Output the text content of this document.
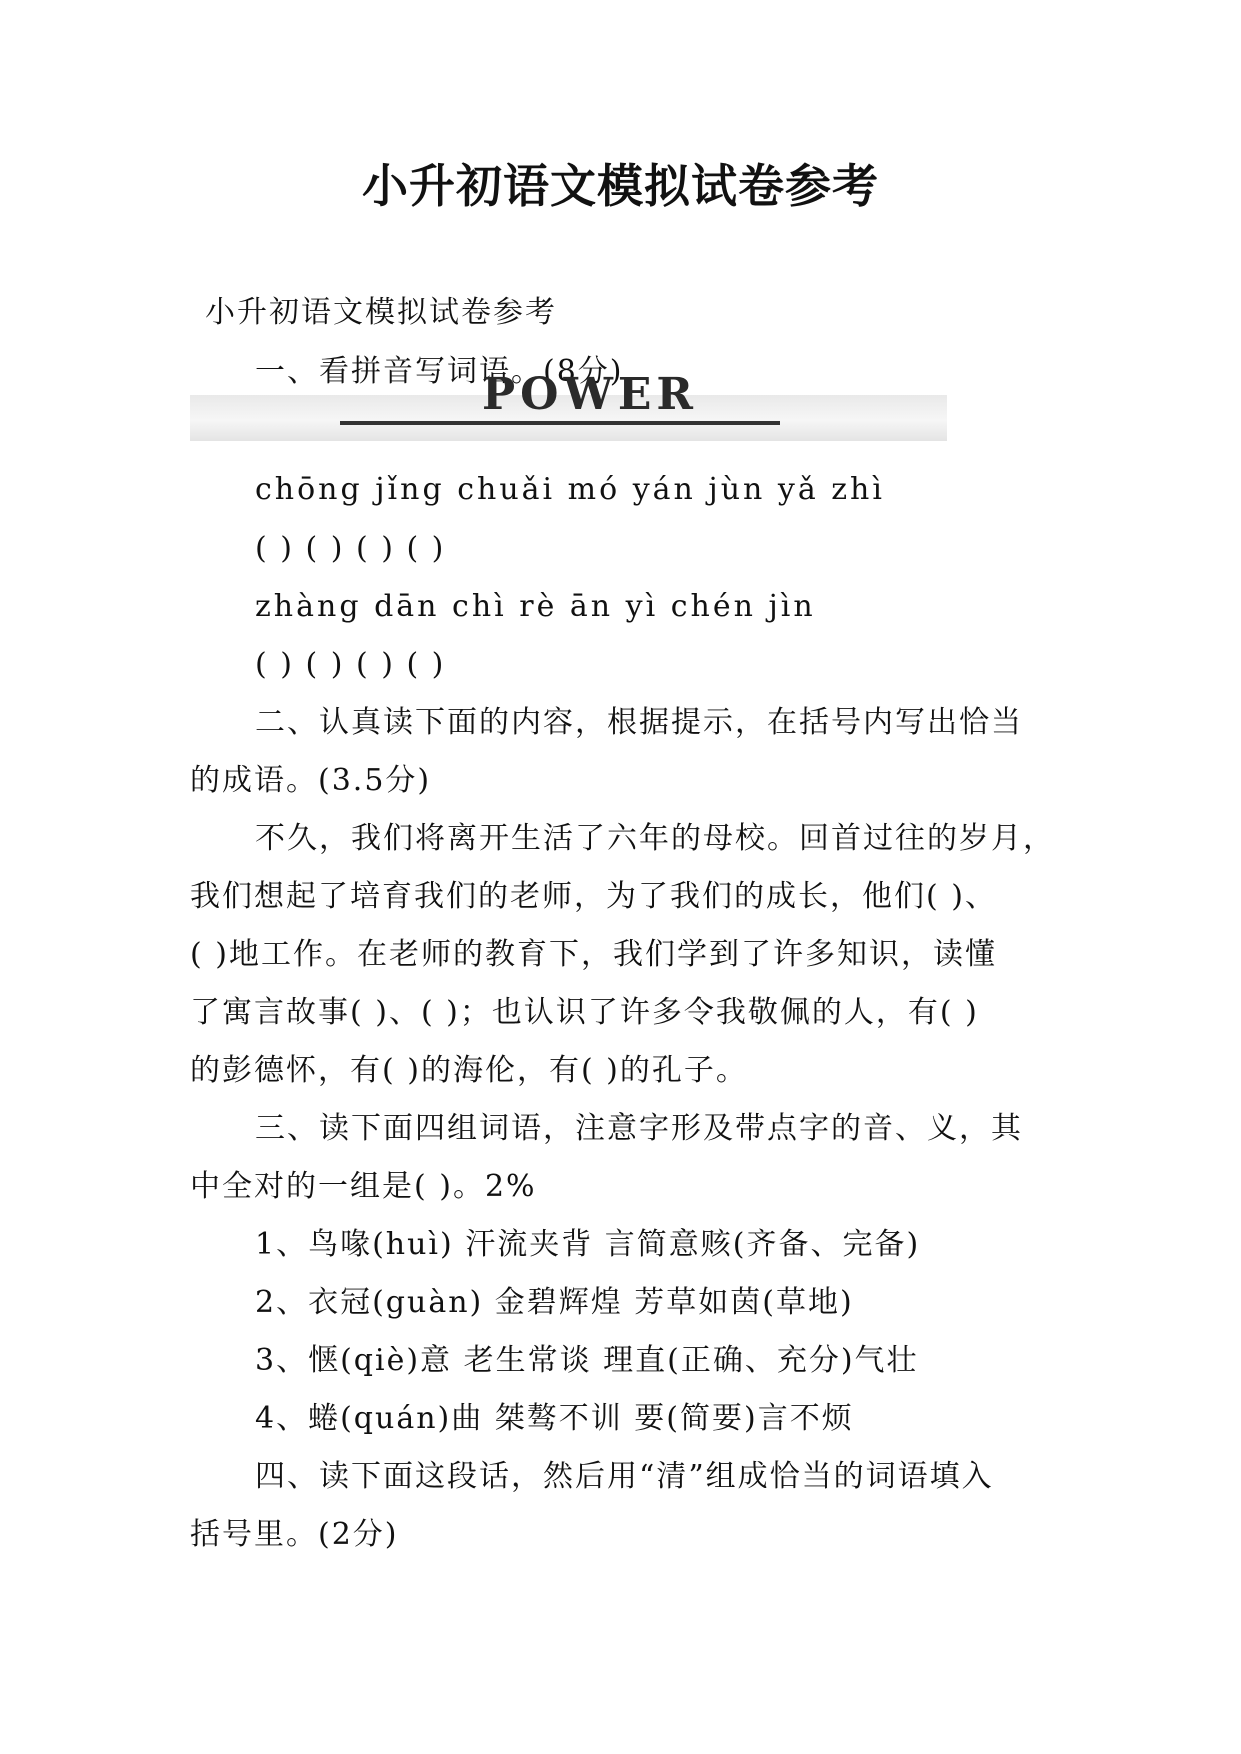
小升初语文模拟试卷参考
小升初语文模拟试卷参考
一、看拼音写词语。(8分)
POWER
chōng jǐng chuǎi mó yán jùn yǎ zhì
( ) ( ) ( ) ( )
zhàng dān chì rè ān yì chén jìn
( ) ( ) ( ) ( )
二、认真读下面的内容，根据提示，在括号内写出恰当
的成语。(3.5分)
不久，我们将离开生活了六年的母校。回首过往的岁月，
我们想起了培育我们的老师，为了我们的成长，他们( )、
( )地工作。在老师的教育下，我们学到了许多知识，读懂
了寓言故事( )、( )；也认识了许多令我敬佩的人，有( )
的彭德怀，有( )的海伦，有( )的孔子。
三、读下面四组词语，注意字形及带点字的音、义，其
中全对的一组是( )。2%
1、鸟喙(huì) 汗流夹背 言简意赅(齐备、完备)
2、衣冠(guàn) 金碧辉煌 芳草如茵(草地)
3、惬(qiè)意 老生常谈 理直(正确、充分)气壮
4、蜷(quán)曲 桀骜不训 要(简要)言不烦
四、读下面这段话，然后用“清”组成恰当的词语填入
括号里。(2分)
